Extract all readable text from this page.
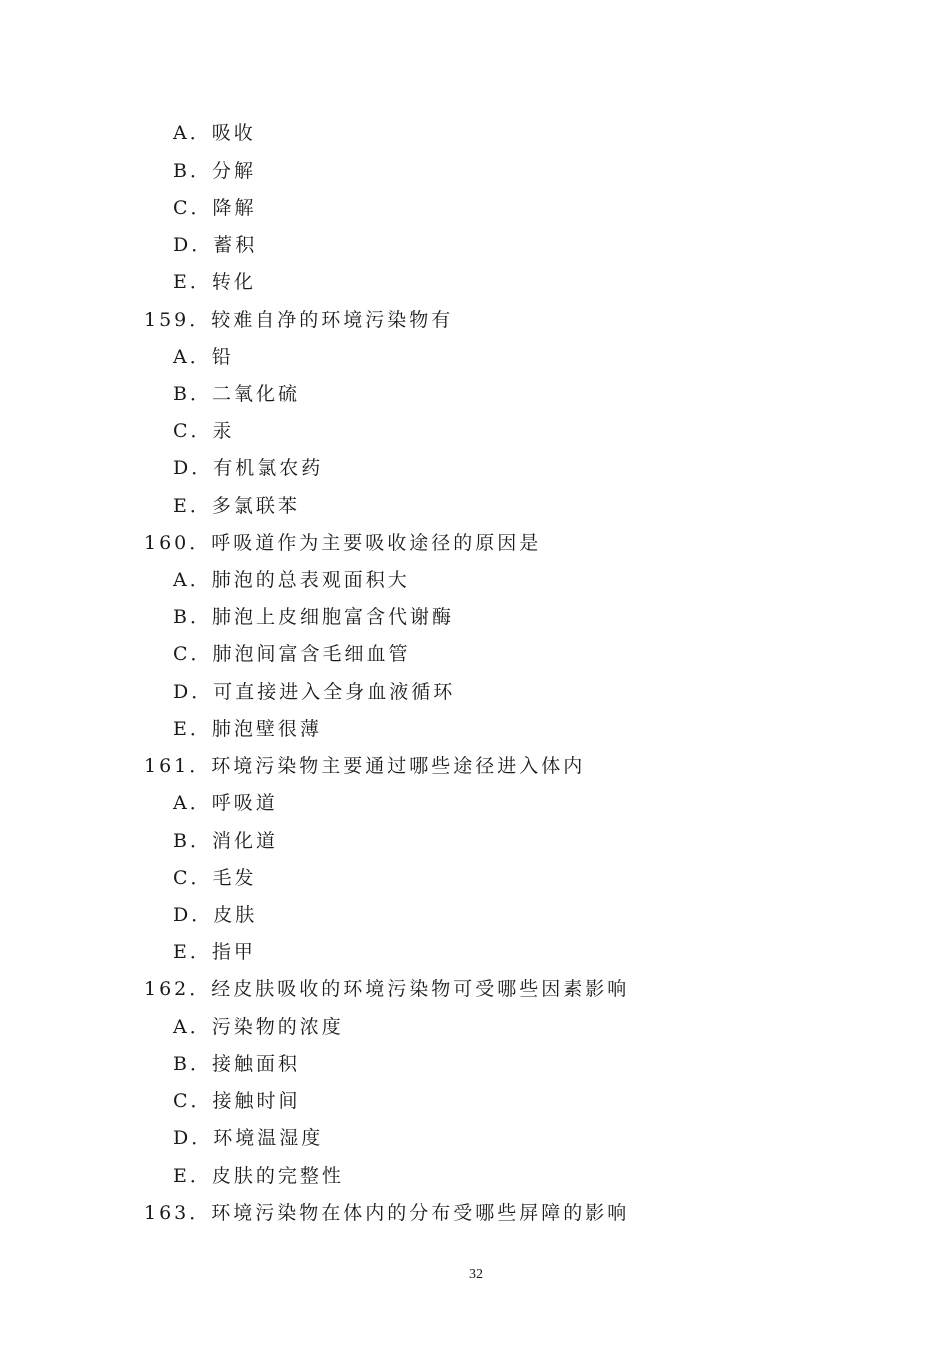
A．吸收
B．分解
C．降解
D．蓄积
E．转化
159．较难自净的环境污染物有
A．铅
B．二氧化硫
C．汞
D．有机氯农药
E．多氯联苯
160．呼吸道作为主要吸收途径的原因是
A．肺泡的总表观面积大
B．肺泡上皮细胞富含代谢酶
C．肺泡间富含毛细血管
D．可直接进入全身血液循环
E．肺泡壁很薄
161．环境污染物主要通过哪些途径进入体内
A．呼吸道
B．消化道
C．毛发
D．皮肤
E．指甲
162．经皮肤吸收的环境污染物可受哪些因素影响
A．污染物的浓度
B．接触面积
C．接触时间
D．环境温湿度
E．皮肤的完整性
163．环境污染物在体内的分布受哪些屏障的影响
32
